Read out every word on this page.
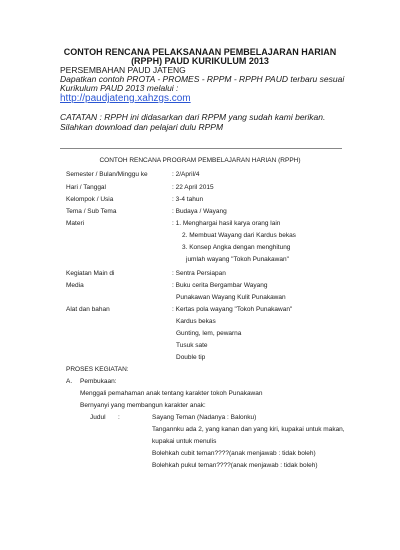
CONTOH RENCANA PELAKSANAAN PEMBELAJARAN HARIAN
(RPPH) PAUD KURIKULUM 2013
PERSEMBAHAN PAUD JATENG
Dapatkan contoh PROTA - PROMES - RPPM - RPPH PAUD terbaru sesuai
Kurikulum PAUD 2013 melalui :
http://paudjateng.xahzgs.com
CATATAN : RPPH ini didasarkan dari RPPM yang sudah kami berikan.
Silahkan download dan pelajari dulu RPPM
CONTOH RENCANA PROGRAM PEMBELAJARAN HARIAN (RPPH)
Semester / Bulan/Minggu ke	: 2/April/4
Hari / Tanggal	: 22 April 2015
Kelompok / Usia	: 3-4 tahun
Tema / Sub Tema	: Budaya / Wayang
Materi	: 1. Menghargai hasil karya orang lain
2. Membuat Wayang dari Kardus bekas
3. Konsep Angka dengan menghitung
jumlah wayang "Tokoh Punakawan"
Kegiatan Main di	: Sentra Persiapan
Media	: Buku cerita Bergambar Wayang
Punakawan Wayang Kulit Punakawan
Alat dan bahan	: Kertas pola wayang "Tokoh Punakawan"
Kardus bekas
Gunting, lem, pewarna
Tusuk sate
Double tip
PROSES KEGIATAN:
A. Pembukaan:
Menggali pemahaman anak tentang karakter tokoh Punakawan
Bernyanyi yang membangun karakter anak:
Judul :	Sayang Teman (Nadanya : Balonku)
Tangannku ada 2, yang kanan dan yang kiri, kupakai untuk makan,
kupakai untuk menulis
Bolehkah cubit teman????(anak menjawab : tidak boleh)
Bolehkah pukul teman????(anak menjawab : tidak boleh)
